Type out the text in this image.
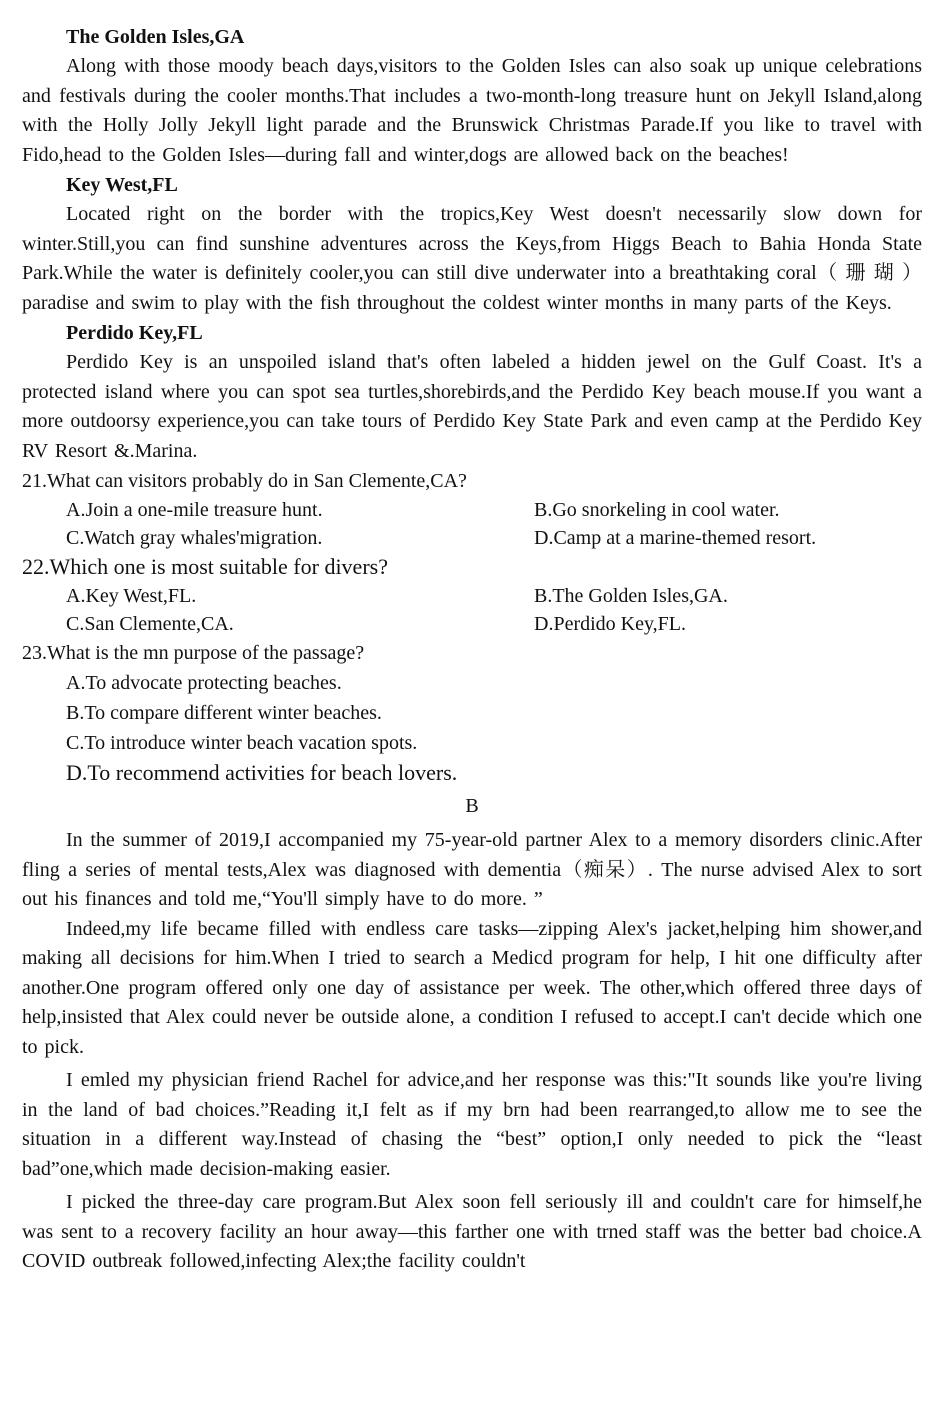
The Golden Isles,GA

Along with those moody beach days,visitors to the Golden Isles can also soak up unique celebrations and festivals during the cooler months.That includes a two-month-long treasure hunt on Jekyll Island,along with the Holly Jolly Jekyll light parade and the Brunswick Christmas Parade.If you like to travel with Fido,head to the Golden Isles—during fall and winter,dogs are allowed back on the beaches!

Key West,FL

Located right on the border with the tropics,Key West doesn't necessarily slow down for winter.Still,you can find sunshine adventures across the Keys,from Higgs Beach to Bahia Honda State Park.While the water is definitely cooler,you can still dive underwater into a breathtaking coral（ 珊 瑚 ）paradise and swim to play with the fish throughout the coldest winter months in many parts of the Keys.

Perdido Key,FL

Perdido Key is an unspoiled island that's often labeled a hidden jewel on the Gulf Coast. It's a protected island where you can spot sea turtles,shorebirds,and the Perdido Key beach mouse.If you want a more outdoorsy experience,you can take tours of Perdido Key State Park and even camp at the Perdido Key RV Resort &.Marina.

21.What can visitors probably do in San Clemente,CA?
A.Join a one-mile treasure hunt.	B.Go snorkeling in cool water.
C.Watch gray whales'migration.	D.Camp at a marine-themed resort.
22.Which one is most suitable for divers?
A.Key West,FL.	B.The Golden Isles,GA.
C.San Clemente,CA.	D.Perdido Key,FL.
23.What is the mn purpose of the passage?
A.To advocate protecting beaches.
B.To compare different winter beaches.
C.To introduce winter beach vacation spots.
D.To recommend activities for beach lovers.
B

In the summer of 2019,I accompanied my 75-year-old partner Alex to a memory disorders clinic.After fling a series of mental tests,Alex was diagnosed with dementia（痴呆）. The nurse advised Alex to sort out his finances and told me,“You'll simply have to do more. ”

Indeed,my life became filled with endless care tasks—zipping Alex's jacket,helping him shower,and making all decisions for him.When I tried to search a Medicd program for help, I hit one difficulty after another.One program offered only one day of assistance per week. The other,which offered three days of help,insisted that Alex could never be outside alone, a condition I refused to accept.I can't decide which one to pick.

I emled my physician friend Rachel for advice,and her response was this:"It sounds like you're living in the land of bad choices.”Reading it,I felt as if my brn had been rearranged,to allow me to see the situation in a different way.Instead of chasing the “best” option,I only needed to pick the “least bad”one,which made decision-making easier.

I picked the three-day care program.But Alex soon fell seriously ill and couldn't care for himself,he was sent to a recovery facility an hour away—this farther one with trned staff was the better bad choice.A COVID outbreak followed,infecting Alex;the facility couldn't
